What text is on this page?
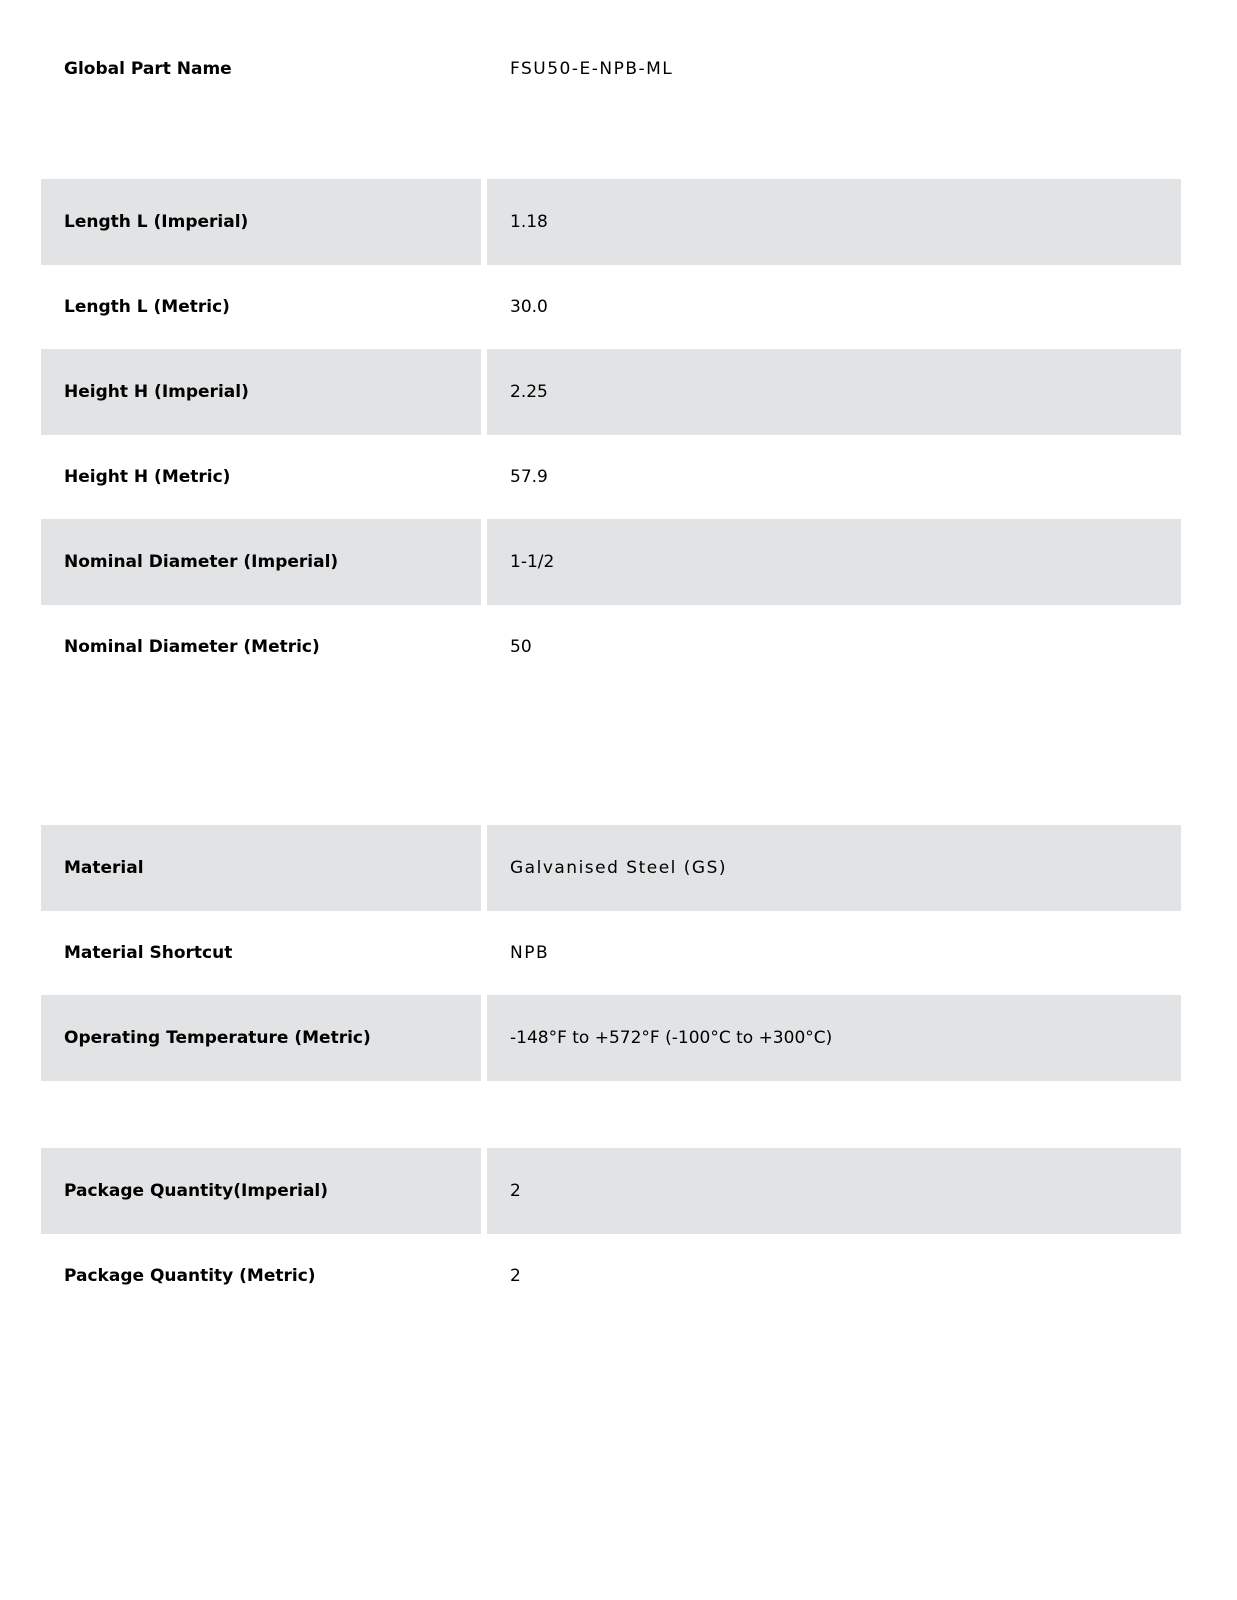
Global Part Name	FSU50-E-NPB-ML
Length L (Imperial)	1.18
Length L (Metric)	30.0
Height H (Imperial)	2.25
Height H (Metric)	57.9
Nominal Diameter (Imperial)	1-1/2
Nominal Diameter (Metric)	50
Material	Galvanised Steel (GS)
Material Shortcut	NPB
Operating Temperature (Metric)	-148°F to +572°F (-100°C to +300°C)
Package Quantity(Imperial)	2
Package Quantity (Metric)	2
